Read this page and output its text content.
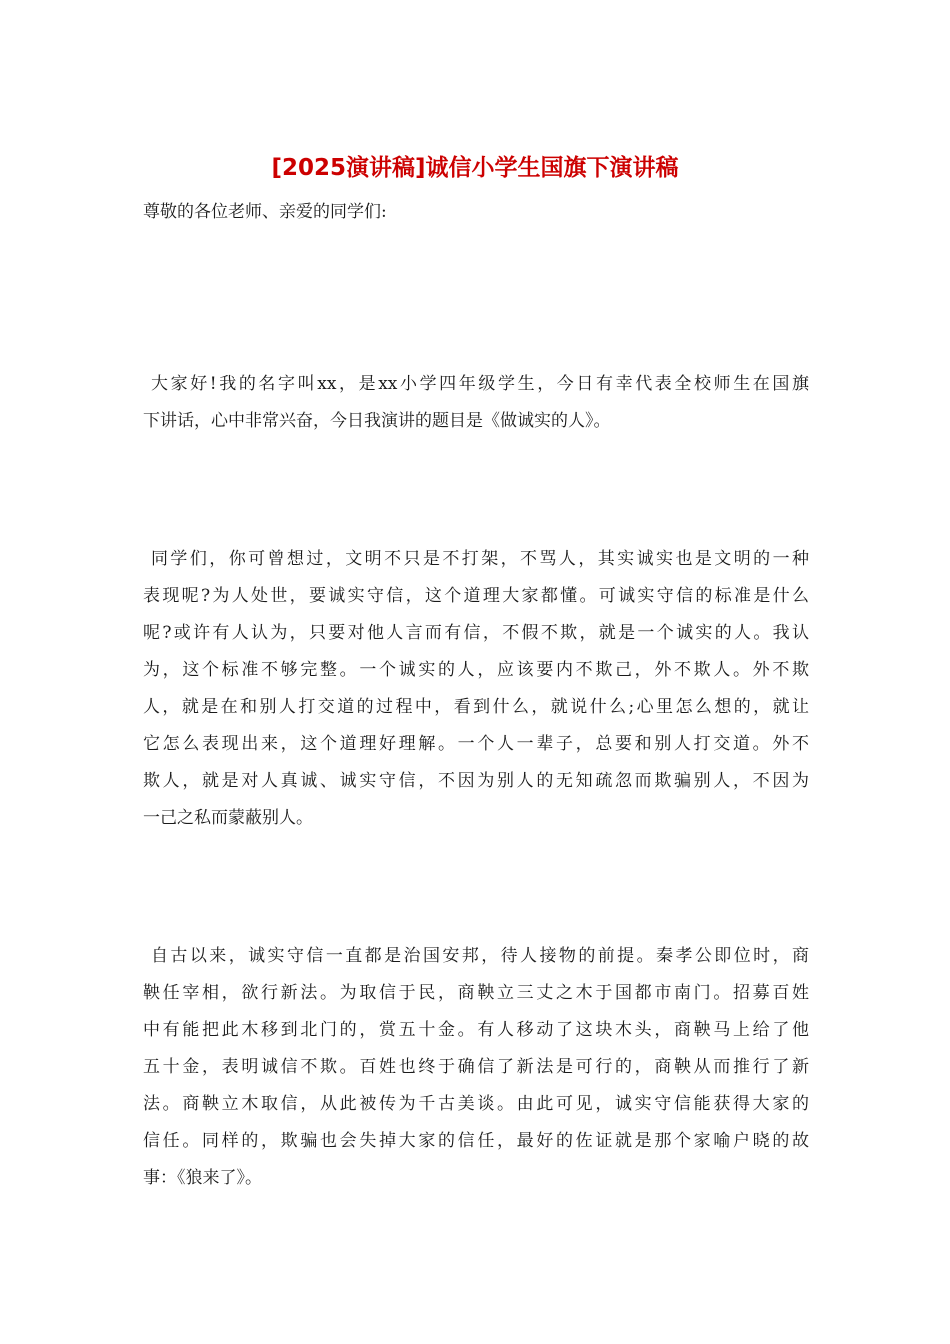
[2025演讲稿]诚信小学生国旗下演讲稿

尊敬的各位老师、亲爱的同学们:

大家好!我的名字叫xx，是xx小学四年级学生，今日有幸代表全校师生在国旗
下讲话，心中非常兴奋，今日我演讲的题目是《做诚实的人》。
同学们，你可曾想过，文明不只是不打架，不骂人，其实诚实也是文明的一种
表现呢?为人处世，要诚实守信，这个道理大家都懂。可诚实守信的标准是什么
呢?或许有人认为，只要对他人言而有信，不假不欺，就是一个诚实的人。我认
为，这个标准不够完整。一个诚实的人，应该要内不欺己，外不欺人。外不欺
人，就是在和别人打交道的过程中，看到什么，就说什么;心里怎么想的，就让
它怎么表现出来，这个道理好理解。一个人一辈子，总要和别人打交道。外不
欺人，就是对人真诚、诚实守信，不因为别人的无知疏忽而欺骗别人，不因为
一己之私而蒙蔽别人。
自古以来，诚实守信一直都是治国安邦，待人接物的前提。秦孝公即位时，商
鞅任宰相，欲行新法。为取信于民，商鞅立三丈之木于国都市南门。招募百姓
中有能把此木移到北门的，赏五十金。有人移动了这块木头，商鞅马上给了他
五十金，表明诚信不欺。百姓也终于确信了新法是可行的，商鞅从而推行了新
法。商鞅立木取信，从此被传为千古美谈。由此可见，诚实守信能获得大家的
信任。同样的，欺骗也会失掉大家的信任，最好的佐证就是那个家喻户晓的故
事：《狼来了》。
